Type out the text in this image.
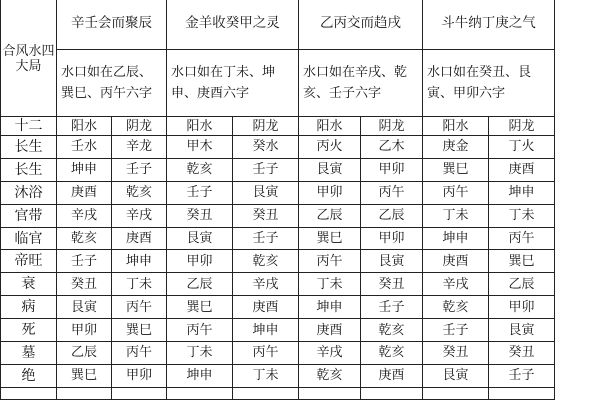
合风水四大局	辛壬会而聚辰		金羊收癸甲之灵		乙丙交而趋戌		斗牛纳丁庚之气	
	水口如在乙辰、巽巳、丙午六字		水口如在丁未、坤申、庚酉六字		水口如在辛戌、乾亥、壬子六字		水口如在癸丑、艮寅、甲卯六字	
十二	阳水	阴龙	阳水	阴龙	阳水	阴龙	阳水	阴龙
长生	壬水	辛龙	甲木	癸水	丙火	乙木	庚金	丁火
长生	坤申	壬子	乾亥	壬子	艮寅	甲卯	巽巳	庚酉
沐浴	庚酉	乾亥	壬子	艮寅	甲卯	丙午	丙午	坤申
官带	辛戌	辛戌	癸丑	癸丑	乙辰	乙辰	丁未	丁未
临官	乾亥	庚酉	艮寅	壬子	巽巳	甲卯	坤申	丙午
帝旺	壬子	坤申	甲卯	乾亥	丙午	艮寅	庚酉	巽巳
衰	癸丑	丁未	乙辰	辛戌	丁未	癸丑	辛戌	乙辰
病	艮寅	丙午	巽巳	庚酉	坤申	壬子	乾亥	甲卯
死	甲卯	巽巳	丙午	坤申	庚酉	乾亥	壬子	艮寅
墓	乙辰	丙午	丁未	丙午	辛戌	乾亥	癸丑	癸丑
绝	巽巳	甲卯	坤申	丁未	乾亥	庚酉	艮寅	壬子
